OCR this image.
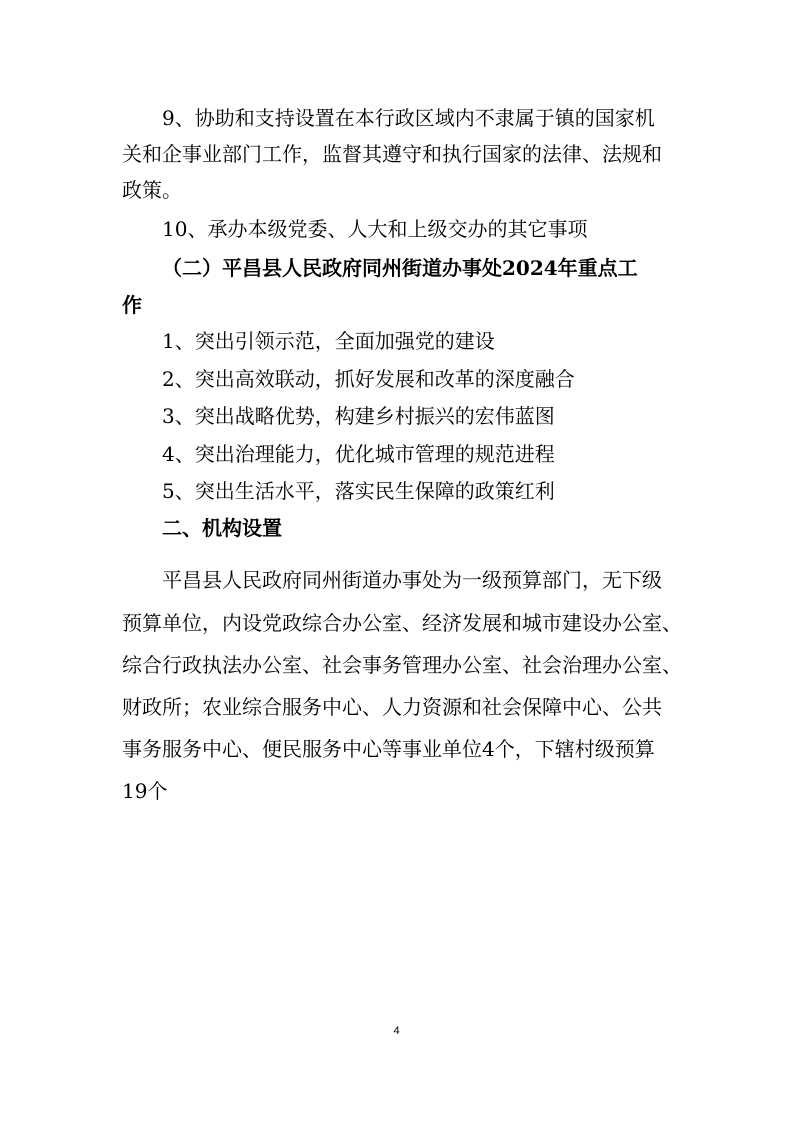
9、协助和支持设置在本行政区域内不隶属于镇的国家机
关和企事业部门工作，监督其遵守和执行国家的法律、法规和
政策。
10、承办本级党委、人大和上级交办的其它事项
（二）平昌县人民政府同州街道办事处2024年重点工
作
1、突出引领示范，全面加强党的建设
2、突出高效联动，抓好发展和改革的深度融合
3、突出战略优势，构建乡村振兴的宏伟蓝图
4、突出治理能力，优化城市管理的规范进程
5、突出生活水平，落实民生保障的政策红利
二、机构设置
平昌县人民政府同州街道办事处为一级预算部门，无下级
预算单位，内设党政综合办公室、经济发展和城市建设办公室、
综合行政执法办公室、社会事务管理办公室、社会治理办公室、
财政所；农业综合服务中心、人力资源和社会保障中心、公共
事务服务中心、便民服务中心等事业单位4个，下辖村级预算
19个
4
